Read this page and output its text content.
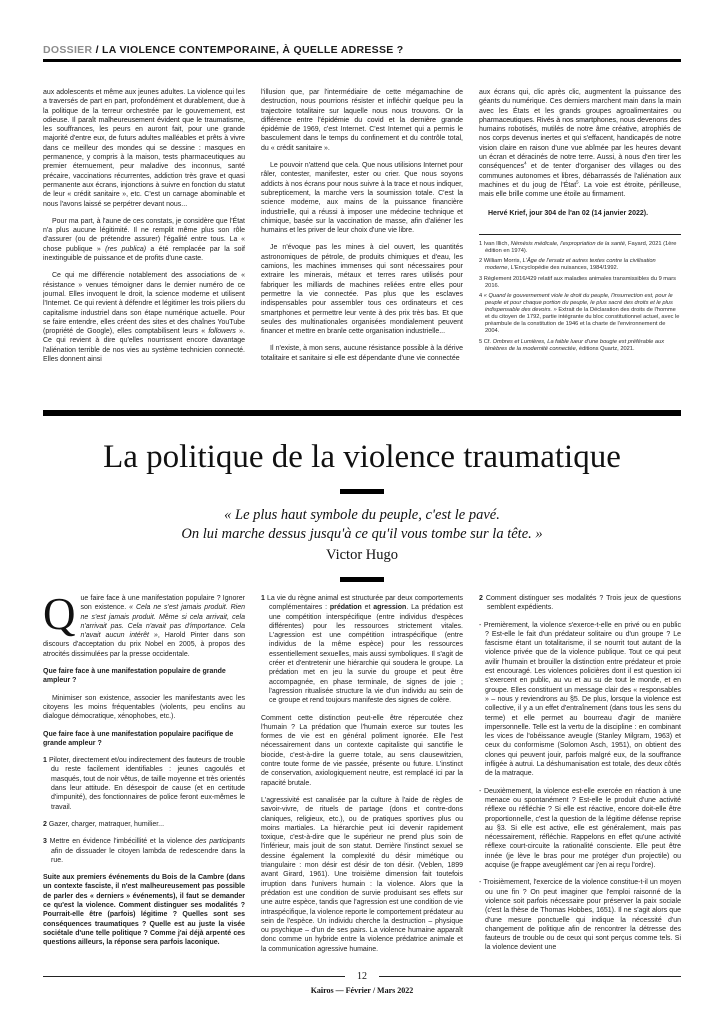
DOSSIER / LA VIOLENCE CONTEMPORAINE, À QUELLE ADRESSE ?

aux adolescents et même aux jeunes adultes. La violence qui les a traversés de part en part, profondément et durablement, due à la politique de la terreur orchestrée par le gouvernement, est odieuse. Il paraît malheureusement évident que le traumatisme, les souffrances, les peurs en auront fait, pour une grande majorité d'entre eux, de futurs adultes malléables et prêts à vivre dans ce meilleur des mondes qui se dessine : masques en permanence, y compris à la maison, tests pharmaceutiques au premier éternuement, peur maladive des inconnus, santé précaire, vaccinations récurrentes, addiction très grave et quasi permanente aux écrans, injonctions à suivre en fonction du statut de leur « crédit sanitaire », etc. C'est un carnage abominable et nous l'avons laissé se perpétrer devant nous...

Pour ma part, à l'aune de ces constats, je considère que l'État n'a plus aucune légitimité. Il ne remplit même plus son rôle d'assurer (ou de prétendre assurer) l'égalité entre tous. La « chose publique » (res publica) a été remplacée par la soif inextinguible de puissance et de profits d'une caste.

Ce qui me différencie notablement des associations de « résistance » venues témoigner dans le dernier numéro de ce journal. Elles invoquent le droit, la science moderne et utilisent l'Internet. Ce qui revient à défendre et légitimer les trois piliers du capitalisme industriel dans son étape numérique actuelle. Pour se faire entendre, elles créent des sites et des chaînes YouTube (propriété de Google), elles comptabilisent leurs « followers ». Ce qui revient à dire qu'elles nourrissent encore davantage l'aliénation terrible de nos vies au système technicien connecté. Elles donnent ainsi

l'illusion que, par l'intermédiaire de cette mégamachine de destruction, nous pourrions résister et infléchir quelque peu la trajectoire totalitaire sur laquelle nous nous trouvons. Or la différence entre l'épidémie du covid et la dernière grande épidémie de 1969, c'est Internet. C'est Internet qui a permis le basculement dans le temps du confinement et du contrôle total, du « crédit sanitaire ».

Le pouvoir n'attend que cela. Que nous utilisions Internet pour râler, contester, manifester, ester ou crier. Que nous soyons addicts à nos écrans pour nous suivre à la trace et nous indiquer, subrepticement, la marche vers la soumission totale. C'est la science moderne, aux mains de la puissance financière industrielle, qui a réussi à imposer une médecine technique et chimique, basée sur la vaccination de masse, afin d'aliéner les humains et les priver de leur choix d'une vie libre.

Je n'évoque pas les mines à ciel ouvert, les quantités astronomiques de pétrole, de produits chimiques et d'eau, les camions, les machines immenses qui sont nécessaires pour extraire les minerais, métaux et terres rares utilisés pour fabriquer les milliards de machines reliées entre elles pour permettre la vie connectée. Pas plus que les esclaves indispensables pour assembler tous ces ordinateurs et ces smartphones et permettre leur vente à des prix très bas. Et que seules des multinationales organisées mondialement peuvent financer et mettre en branle cette organisation industrielle...

Il n'existe, à mon sens, aucune résistance possible à la dérive totalitaire et sanitaire si elle est dépendante d'une vie connectée

aux écrans qui, clic après clic, augmentent la puissance des géants du numérique. Ces derniers marchent main dans la main avec les États et les grands groupes agroalimentaires ou pharmaceutiques. Rivés à nos smartphones, nous devenons des humains robotisés, mutilés de notre âme créative, atrophiés de nos corps devenus inertes et qui s'effacent, handicapés de notre vision claire en raison d'une vue abîmée par les heures devant un écran et déracinés de notre terre. Aussi, à nous d'en tirer les conséquences$^4$ et de tenter d'organiser des villages ou des communes autonomes et libres, débarrassés de l'aliénation aux machines et du joug de l'État$^5$. La voie est étroite, périlleuse, mais elle brille comme une étoile au firmament.

Hervé Krief, jour 304 de l'an 02 (14 janvier 2022).

1 Ivan Illich, Némésis médicale, l'expropriation de la santé, Fayard, 2021 (1ère édition en 1974).
2 William Morris, L'Âge de l'ersatz et autres textes contre la civilisation moderne, L'Encyclopédie des nuisances, 1984/1992.
3 Règlement 2016/429 relatif aux maladies animales transmissibles du 9 mars 2016.
4 « Quand le gouvernement viole le droit du peuple, l'insurrection est, pour le peuple et pour chaque portion du peuple, le plus sacré des droits et le plus indispensable des devoirs. » Extrait de la Déclaration des droits de l'homme et du citoyen de 1792, partie intégrante du bloc constitutionnel actuel, avec le préambule de la constitution de 1946 et la charte de l'environnement de 2004.
5 Cf. Ombres et Lumières, La faible lueur d'une bougie est préférable aux ténèbres de la modernité connectée, éditions Quartz, 2021.
La politique de la violence traumatique
« Le plus haut symbole du peuple, c'est le pavé.
On lui marche dessus jusqu'à ce qu'il vous tombe sur la tête. »
Victor Hugo

Que faire face à une manifestation populaire ? Ignorer son existence. « Cela ne s'est jamais produit. Rien ne s'est jamais produit. Même si cela arrivait, cela n'arrivait pas. Cela n'avait pas d'importance. Cela n'avait aucun intérêt », Harold Pinter dans son discours d'acceptation du prix Nobel en 2005, à propos des atrocités dissimulées par la presse occidentale.

Que faire face à une manifestation populaire de grande ampleur ?

Minimiser son existence, associer les manifestants avec les citoyens les moins fréquentables (violents, peu enclins au dialogue démocratique, xénophobes, etc.).

Que faire face à une manifestation populaire pacifique de grande ampleur ?

1 Piloter, directement et/ou indirectement des fauteurs de trouble du reste facilement identifiables : jeunes cagoulés et masqués, tout de noir vêtus, de taille moyenne et très orientés dans leur attitude. En désespoir de cause (et en certitude d'impunité), des fonctionnaires de police feront eux-mêmes le travail.

2 Gazer, charger, matraquer, humilier...

3 Mettre en évidence l'imbécillité et la violence des participants afin de dissuader le citoyen lambda de redescendre dans la rue.

Suite aux premiers événements du Bois de la Cambre (dans un contexte fasciste, il n'est malheureusement pas possible de parler des « derniers » événements), il faut se demander ce qu'est la violence. Comment distinguer ses modalités ? Pourrait-elle être (parfois) légitime ? Quelles sont ses conséquences traumatiques ? Quelle est au juste la visée sociétale d'une telle politique ? Comme j'ai déjà arpenté ces questions ailleurs, la réponse sera parfois laconique.

1 La vie du règne animal est structurée par deux comportements complémentaires : prédation et agression. La prédation est une compétition interspécifique (entre individus d'espèces différentes) pour les ressources strictement vitales. L'agression est une compétition intraspécifique (entre individus de la même espèce) pour les ressources essentiellement sexuelles, mais aussi symboliques. Il s'agit de créer et d'entretenir une hiérarchie qui soudera le groupe. La prédation met en jeu la survie du groupe et peut être accompagnée, en phase terminale, de signes de joie ; l'agression ritualisée structure la vie d'un individu au sein de ce groupe et rend toujours manifeste des signes de colère.

Comment cette distinction peut-elle être répercutée chez l'humain ? La prédation que l'humain exerce sur toutes les formes de vie est en général poliment ignorée. Elle l'est nécessairement dans un contexte capitaliste qui sanctifie le biocide, c'est-à-dire la guerre totale, au sens clausewitzien, contre toute forme de vie passée, présente ou future. L'instinct de conservation, axiologiquement neutre, est remplacé ici par la rapacité brutale.

L'agressivité est canalisée par la culture à l'aide de règles de savoir-vivre, de rituels de partage (dons et contre-dons claniques, religieux, etc.), ou de pratiques sportives plus ou moins martiales. La hiérarchie peut ici devenir rapidement toxique, c'est-à-dire que le supérieur ne prend plus soin de l'inférieur, mais jouit de son statut. Derrière l'instinct sexuel se dessine également la complexité du désir mimétique ou triangulaire : mon désir est désir de ton désir. (Veblen, 1899 avant Girard, 1961). Une troisième dimension fait toutefois irruption dans l'univers humain : la violence. Alors que la prédation est une condition de survie produisant ses effets sur une autre espèce, tandis que l'agression est une condition de vie intraspécifique, la violence reporte le comportement prédateur au sein de l'espèce. Un individu cherche la destruction – physique ou psychique – d'un de ses pairs. La violence humaine apparaît donc comme un hybride entre la violence prédatrice animale et la communication agressive humaine.

2 Comment distinguer ses modalités ? Trois jeux de questions semblent expédients.

- Premièrement, la violence s'exerce-t-elle en privé ou en public ? Est-elle le fait d'un prédateur solitaire ou d'un groupe ? Le fascisme étant un totalitarisme, il se nourrit tout autant de la violence privée que de la violence publique. Tout ce qui peut avilir l'humain et brouiller la distinction entre prédateur et proie est encouragé. Les violences policières dont il est question ici s'exercent en public, au vu et au su de tout le monde, et en groupe. Elles constituent un message clair des « responsables » – nous y reviendrons au §5. De plus, lorsque la violence est collective, il y a un effet d'entraînement (dans tous les sens du terme) et elle permet au bourreau d'agir de manière impersonnelle. Telle est la vertu de la discipline : en combinant les vices de l'obéissance aveugle (Stanley Milgram, 1963) et ceux du conformisme (Solomon Asch, 1951), on obtient des clones qui peuvent jouir, parfois malgré eux, de la souffrance infligée à autrui. La déshumanisation est totale, des deux côtés de la matraque.

- Deuxièmement, la violence est-elle exercée en réaction à une menace ou spontanément ? Est-elle le produit d'une activité réflexe ou réfléchie ? Si elle est réactive, encore doit-elle être proportionnelle, c'est la question de la légitime défense reprise au §3. Si elle est active, elle est généralement, mais pas nécessairement, réfléchie. Rappelons en effet qu'une activité réflexe court-circuite la rationalité consciente. Elle peut être innée (je lève le bras pour me protéger d'un projectile) ou acquise (je frappe aveuglément car j'en ai reçu l'ordre).

- Troisièmement, l'exercice de la violence constitue-t-il un moyen ou une fin ? On peut imaginer que l'emploi raisonné de la violence soit parfois nécessaire pour préserver la paix sociale (c'est la thèse de Thomas Hobbes, 1651). Il ne s'agit alors que d'une mesure ponctuelle qui indique la nécessité d'un changement de politique afin de rencontrer la détresse des fauteurs de trouble ou de ceux qui sont perçus comme tels. Si la violence devient une

12
Kairos — Février / Mars 2022
